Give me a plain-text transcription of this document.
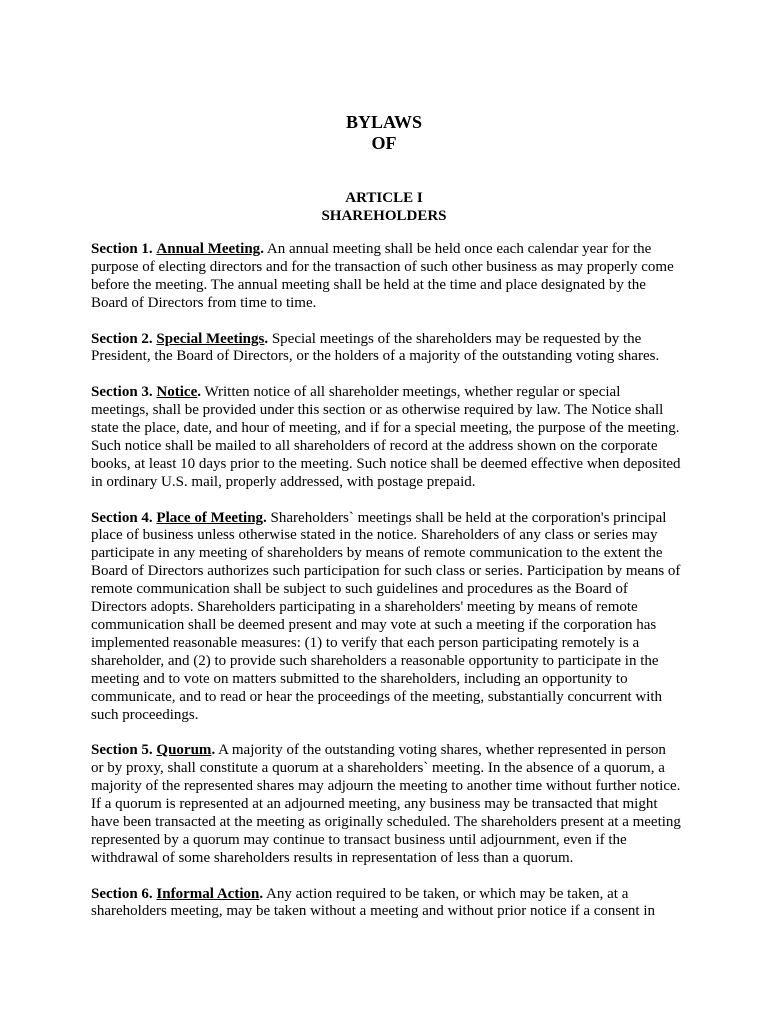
BYLAWS
OF
ARTICLE I
SHAREHOLDERS

Section 1. Annual Meeting. An annual meeting shall be held once each calendar year for the purpose of electing directors and for the transaction of such other business as may properly come before the meeting. The annual meeting shall be held at the time and place designated by the Board of Directors from time to time.

Section 2. Special Meetings. Special meetings of the shareholders may be requested by the President, the Board of Directors, or the holders of a majority of the outstanding voting shares.

Section 3. Notice. Written notice of all shareholder meetings, whether regular or special meetings, shall be provided under this section or as otherwise required by law. The Notice shall state the place, date, and hour of meeting, and if for a special meeting, the purpose of the meeting. Such notice shall be mailed to all shareholders of record at the address shown on the corporate books, at least 10 days prior to the meeting. Such notice shall be deemed effective when deposited in ordinary U.S. mail, properly addressed, with postage prepaid.

Section 4. Place of Meeting. Shareholders` meetings shall be held at the corporation's principal place of business unless otherwise stated in the notice. Shareholders of any class or series may participate in any meeting of shareholders by means of remote communication to the extent the Board of Directors authorizes such participation for such class or series. Participation by means of remote communication shall be subject to such guidelines and procedures as the Board of Directors adopts. Shareholders participating in a shareholders' meeting by means of remote communication shall be deemed present and may vote at such a meeting if the corporation has implemented reasonable measures: (1) to verify that each person participating remotely is a shareholder, and (2) to provide such shareholders a reasonable opportunity to participate in the meeting and to vote on matters submitted to the shareholders, including an opportunity to communicate, and to read or hear the proceedings of the meeting, substantially concurrent with such proceedings.

Section 5. Quorum. A majority of the outstanding voting shares, whether represented in person or by proxy, shall constitute a quorum at a shareholders` meeting. In the absence of a quorum, a majority of the represented shares may adjourn the meeting to another time without further notice. If a quorum is represented at an adjourned meeting, any business may be transacted that might have been transacted at the meeting as originally scheduled. The shareholders present at a meeting represented by a quorum may continue to transact business until adjournment, even if the withdrawal of some shareholders results in representation of less than a quorum.

Section 6. Informal Action. Any action required to be taken, or which may be taken, at a shareholders meeting, may be taken without a meeting and without prior notice if a consent in
